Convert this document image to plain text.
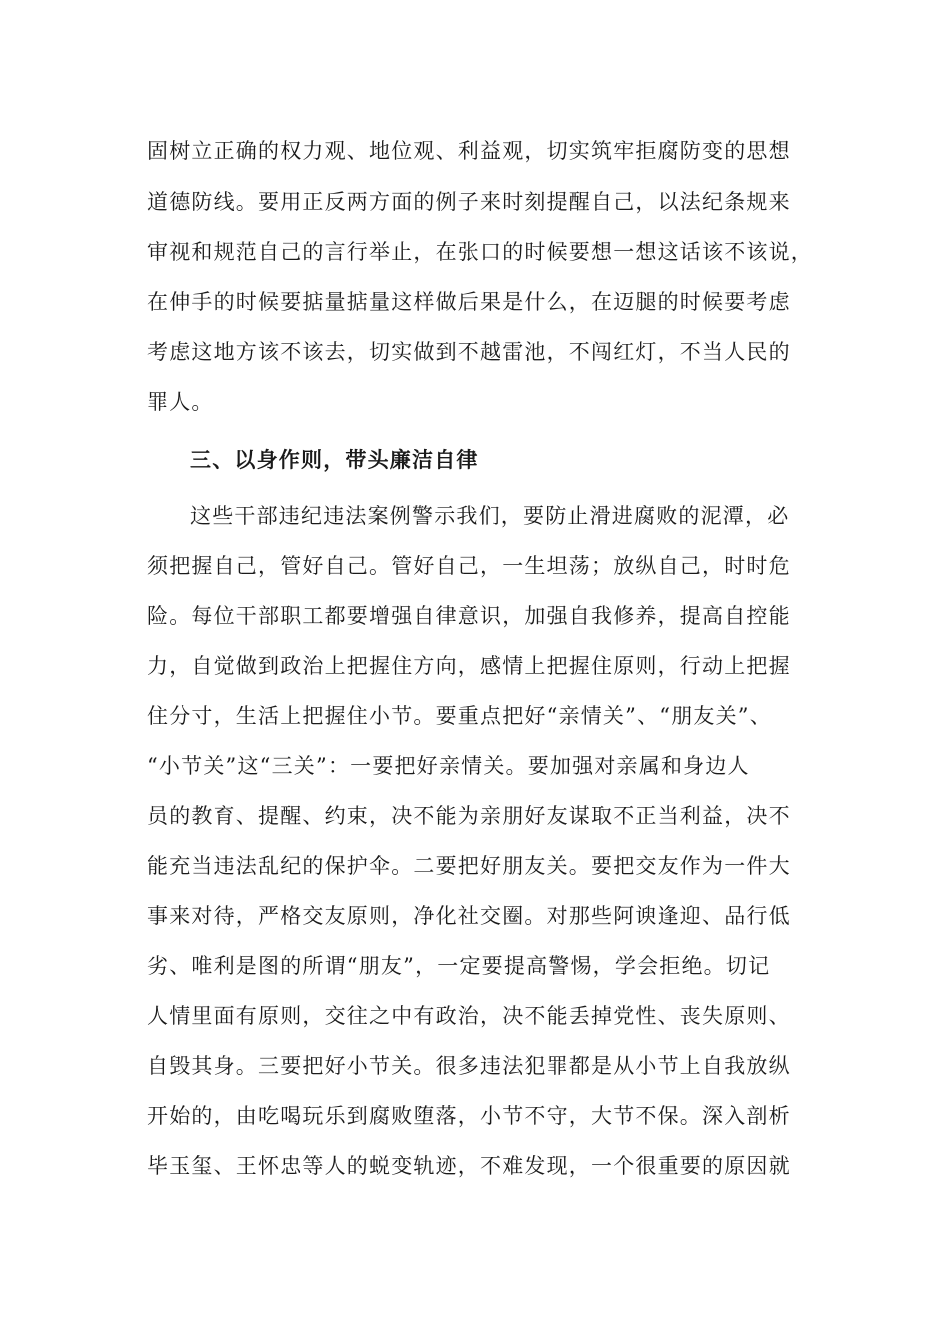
固树立正确的权力观、地位观、利益观，切实筑牢拒腐防变的思想
道德防线。要用正反两方面的例子来时刻提醒自己，以法纪条规来
审视和规范自己的言行举止，在张口的时候要想一想这话该不该说，
在伸手的时候要掂量掂量这样做后果是什么，在迈腿的时候要考虑
考虑这地方该不该去，切实做到不越雷池，不闯红灯，不当人民的
罪人。
三、以身作则，带头廉洁自律
这些干部违纪违法案例警示我们，要防止滑进腐败的泥潭，必
须把握自己，管好自己。管好自己，一生坦荡；放纵自己，时时危
险。每位干部职工都要增强自律意识，加强自我修养，提高自控能
力，自觉做到政治上把握住方向，感情上把握住原则，行动上把握
住分寸，生活上把握住小节。要重点把好“亲情关”、“朋友关”、
“小节关”这“三关”：一要把好亲情关。要加强对亲属和身边人
员的教育、提醒、约束，决不能为亲朋好友谋取不正当利益，决不
能充当违法乱纪的保护伞。二要把好朋友关。要把交友作为一件大
事来对待，严格交友原则，净化社交圈。对那些阿谀逢迎、品行低
劣、唯利是图的所谓“朋友”，一定要提高警惕，学会拒绝。切记
人情里面有原则，交往之中有政治，决不能丢掉党性、丧失原则、
自毁其身。三要把好小节关。很多违法犯罪都是从小节上自我放纵
开始的，由吃喝玩乐到腐败堕落，小节不守，大节不保。深入剖析
毕玉玺、王怀忠等人的蜕变轨迹，不难发现，一个很重要的原因就
